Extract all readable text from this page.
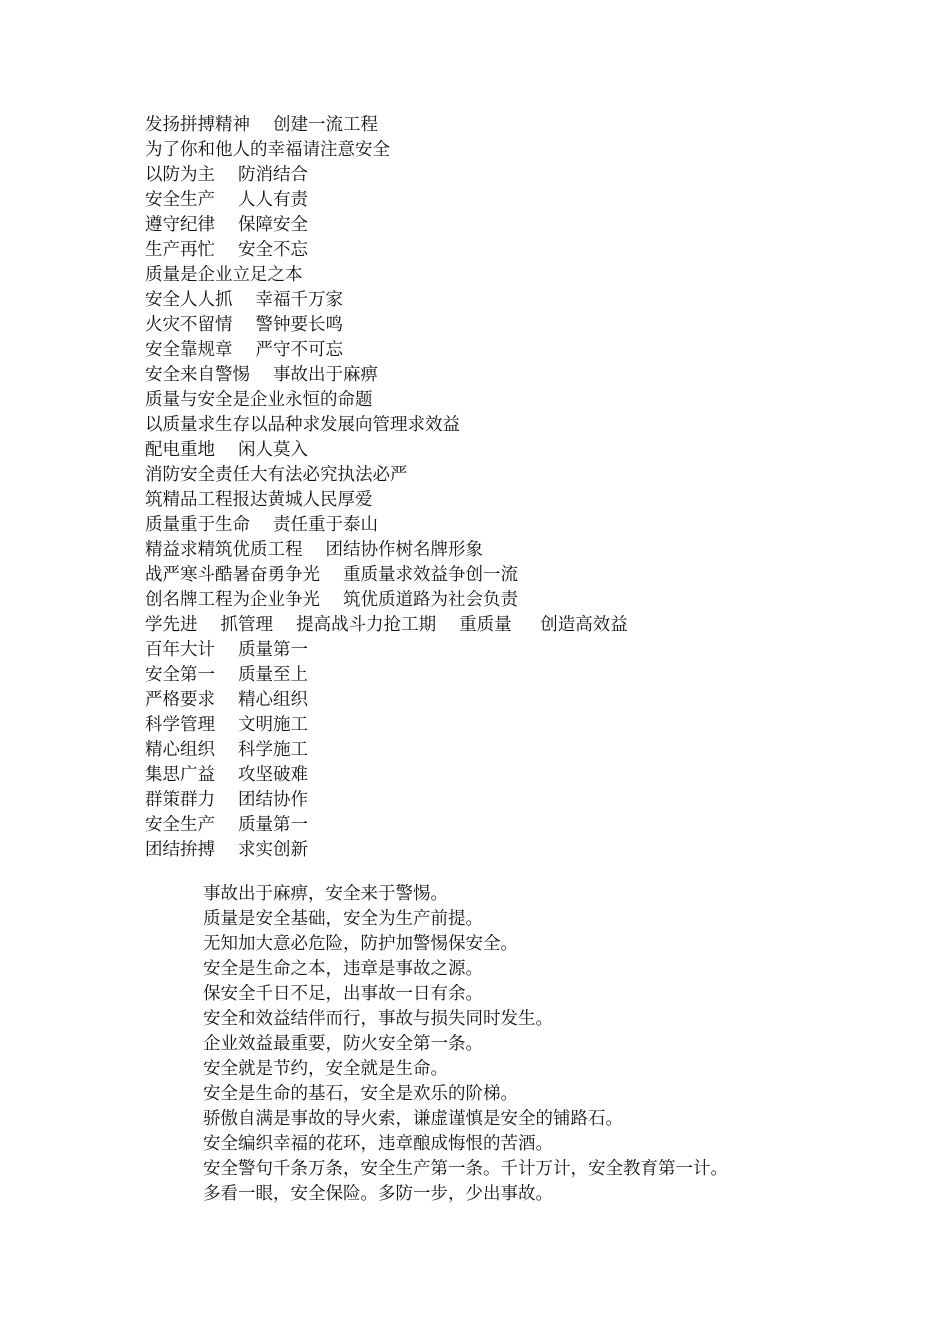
发扬拼搏精神　 创建一流工程
为了你和他人的幸福请注意安全
以防为主　 防消结合
安全生产　 人人有责
遵守纪律　 保障安全
生产再忙　 安全不忘
质量是企业立足之本
安全人人抓　 幸福千万家
火灾不留情　 警钟要长鸣
安全靠规章　 严守不可忘
安全来自警惕　 事故出于麻痹
质量与安全是企业永恒的命题
以质量求生存以品种求发展向管理求效益
配电重地　 闲人莫入
消防安全责任大有法必究执法必严
筑精品工程报达黄城人民厚爱
质量重于生命　 责任重于泰山
精益求精筑优质工程　 团结协作树名牌形象
战严寒斗酷暑奋勇争光　 重质量求效益争创一流
创名牌工程为企业争光　 筑优质道路为社会负责
学先进　 抓管理　 提高战斗力抢工期　 重质量　  创造高效益
百年大计　 质量第一
安全第一　 质量至上
严格要求　 精心组织
科学管理　 文明施工
精心组织　 科学施工
集思广益　 攻坚破难
群策群力　 团结协作
安全生产　 质量第一
团结拚搏　 求实创新
事故出于麻痹，安全来于警惕。
质量是安全基础，安全为生产前提。
无知加大意必危险，防护加警惕保安全。
安全是生命之本，违章是事故之源。
保安全千日不足，出事故一日有余。
安全和效益结伴而行，事故与损失同时发生。
企业效益最重要，防火安全第一条。
安全就是节约，安全就是生命。
安全是生命的基石，安全是欢乐的阶梯。
骄傲自满是事故的导火索，谦虚谨慎是安全的铺路石。
安全编织幸福的花环，违章酿成悔恨的苦酒。
安全警句千条万条，安全生产第一条。千计万计，安全教育第一计。
多看一眼，安全保险。多防一步，少出事故。
